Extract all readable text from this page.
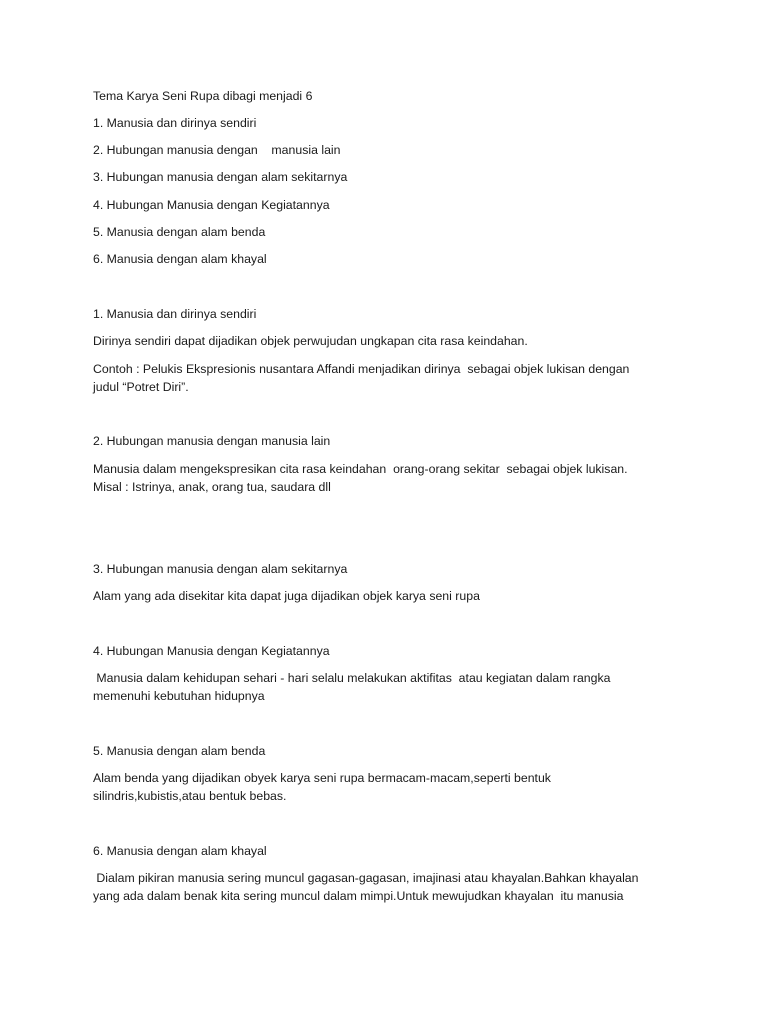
Tema Karya Seni Rupa dibagi menjadi 6
1. Manusia dan dirinya sendiri
2. Hubungan manusia dengan    manusia lain
3. Hubungan manusia dengan alam sekitarnya
4. Hubungan Manusia dengan Kegiatannya
5. Manusia dengan alam benda
6. Manusia dengan alam khayal
1. Manusia dan dirinya sendiri
Dirinya sendiri dapat dijadikan objek perwujudan ungkapan cita rasa keindahan.
Contoh : Pelukis Ekspresionis nusantara Affandi menjadikan dirinya  sebagai objek lukisan dengan
judul “Potret Diri”.
2. Hubungan manusia dengan manusia lain
Manusia dalam mengekspresikan cita rasa keindahan  orang-orang sekitar  sebagai objek lukisan.
Misal : Istrinya, anak, orang tua, saudara dll
3. Hubungan manusia dengan alam sekitarnya
Alam yang ada disekitar kita dapat juga dijadikan objek karya seni rupa
4. Hubungan Manusia dengan Kegiatannya
Manusia dalam kehidupan sehari - hari selalu melakukan aktifitas  atau kegiatan dalam rangka
memenuhi kebutuhan hidupnya
5. Manusia dengan alam benda
Alam benda yang dijadikan obyek karya seni rupa bermacam-macam,seperti bentuk
silindris,kubistis,atau bentuk bebas.
6. Manusia dengan alam khayal
Dialam pikiran manusia sering muncul gagasan-gagasan, imajinasi atau khayalan.Bahkan khayalan
yang ada dalam benak kita sering muncul dalam mimpi.Untuk mewujudkan khayalan  itu manusia
